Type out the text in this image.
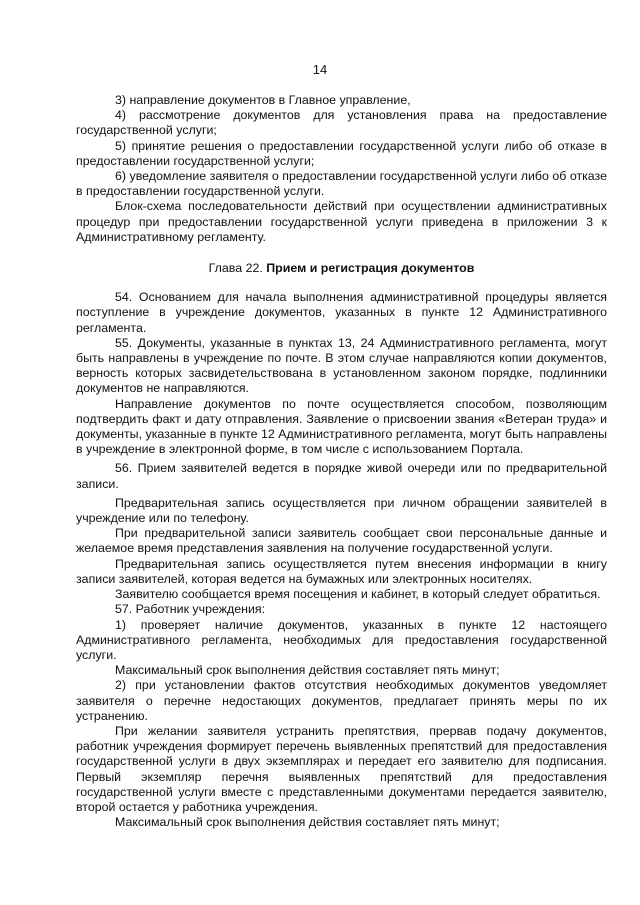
14

3) направление документов в Главное управление,

4) рассмотрение документов для установления права на предоставление государственной услуги;

5) принятие решения о предоставлении государственной услуги либо об отказе в предоставлении государственной услуги;

6) уведомление заявителя о предоставлении государственной услуги либо об отказе в предоставлении государственной услуги.

Блок-схема последовательности действий при осуществлении административных процедур при предоставлении государственной услуги приведена в приложении 3 к Административному регламенту.

Глава 22. Прием и регистрация документов

54. Основанием для начала выполнения административной процедуры является поступление в учреждение документов, указанных в пункте 12 Административного регламента.

55. Документы, указанные в пунктах 13, 24 Административного регламента, могут быть направлены в учреждение по почте. В этом случае направляются копии документов, верность которых засвидетельствована в установленном законом порядке, подлинники документов не направляются.

Направление документов по почте осуществляется способом, позволяющим подтвердить факт и дату отправления. Заявление о присвоении звания «Ветеран труда» и документы, указанные в пункте 12 Административного регламента, могут быть направлены в учреждение в электронной форме, в том числе с использованием Портала.

56. Прием заявителей ведется в порядке живой очереди или по предварительной записи.

Предварительная запись осуществляется при личном обращении заявителей в учреждение или по телефону.

При предварительной записи заявитель сообщает свои персональные данные и желаемое время представления заявления на получение государственной услуги.

Предварительная запись осуществляется путем внесения информации в книгу записи заявителей, которая ведется на бумажных или электронных носителях.

Заявителю сообщается время посещения и кабинет, в который следует обратиться.

57. Работник учреждения:

1) проверяет наличие документов, указанных в пункте 12 настоящего Административного регламента, необходимых для предоставления государственной услуги.

Максимальный срок выполнения действия составляет пять минут;

2) при установлении фактов отсутствия необходимых документов уведомляет заявителя о перечне недостающих документов, предлагает принять меры по их устранению.

При желании заявителя устранить препятствия, прервав подачу документов, работник учреждения формирует перечень выявленных препятствий для предоставления государственной услуги в двух экземплярах и передает его заявителю для подписания. Первый экземпляр перечня выявленных препятствий для предоставления государственной услуги вместе с представленными документами передается заявителю, второй остается у работника учреждения.

Максимальный срок выполнения действия составляет пять минут;
